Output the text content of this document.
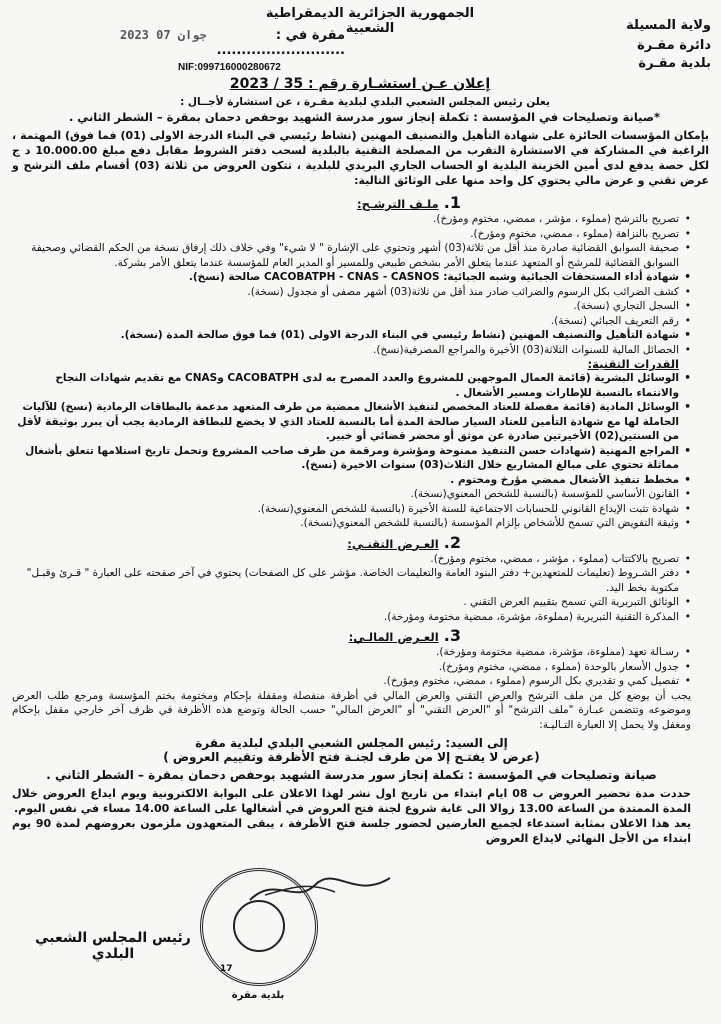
الجمهورية الجزائرية الديمقراطية الشعبية
2023 جوان 07	مقرة في : ..........................
ولاية المسيلة
دائرة مقـرة
بلدية مقـرة
NIF:099716000280672
إعلان عـن استشـارة رقم : 35 / 2023
يعلن رئيس المجلس الشعبي البلدي لبلدية مقـرة ، عن استشارة لأجــال :
*صيانة وتصليحات في المؤسسة : تكملة إنجاز سور مدرسة الشهيد بوحفص دحمان بمقرة – الشطر الثاني .
بإمكان المؤسسات الحائزة على شهادة التأهيل والتصنيف المهنين (نشاط رئيسي في البناء الدرجة الاولى (01) فما فوق) المهتمة ، الراغبة في المشاركة في الاستشارة التقرب من المصلحة التقنية بالبلدية لسحب دفتر الشروط مقابل دفع مبلغ 10.000.00 د ج لكل حصة يدفع لدى أمين الخزينة البلدية او الحساب الجاري البريدي للبلدية ، تتكون العروض من ثلاثة (03) أقسام ملف الترشح و عرض تقني و عرض مالي يحتوي كل واحد منها على الوثائق التالية:
1. ملـف الترشـح:
• تصريح بالترشح (مملوء ، مؤشر ، ممضي، مختوم ومؤرخ).
• تصريح بالنزاهة (مملوء ، ممضي، مختوم ومؤرخ).
• صحيفة السوابق القضائية صادرة منذ أقل من ثلاثة(03) أشهر وتحتوي على الإشارة " لا شيء" وفي خلاف ذلك إرفاق نسخة من الحكم القضائي وصحيفة السوابق القضائية للمرشح أو المتعهد عندما يتعلق الأمر بشخص طبيعي وللمسير أو المدير العام للمؤسسة عندما يتعلق الأمر بشركة.
• شهادة أداء المستحقات الجبائية وشبه الجبائية: CACOBATPH - CNAS - CASNOS صالحة (نسخ).
• كشف الضرائب بكل الرسوم والضرائب صادر منذ أقل من ثلاثة(03) أشهر مصفى أو مجدول (نسخة).
• السجل التجاري (نسخة).
• رقم التعريف الجبائي (نسخة).
• شهادة التأهيل والتصنيف المهنين (نشاط رئيسي في البناء الدرجة الاولى (01) فما فوق صالحة المدة (نسخة).
• الحصائل المالية للسنوات الثلاثة(03) الأخيرة والمراجع المصرفية(نسخ).
القدرات التقنية:
• الوسائل البشرية (قائمة العمال الموجهين للمشروع والعدد المصرح به لدى CACOBATPH وCNAS مع تقديم شهادات النجاح والانتماء بالنسبة للإطارات ومسير الأشغال .
• الوسائل المادية (قائمة مفصلة للعتاد المخصص لتنفيذ الأشغال ممضية من طرف المتعهد مدعمة بالبطاقات الرمادية (نسخ) للآليات الحاملة لها مع شهادة التأمين للعتاد السيار صالحة المدة أما بالنسبة للعتاد الذي لا يخضع للبطاقة الرمادية يجب أن يبرر بوثيقة لأقل من السنتين(02) الأخيرتين صادرة عن موثق أو محضر قضائي أو خبير.
• المراجع المهنية (شهادات حسن التنفيذ ممنوحة ومؤشرة ومرقمة من طرف صاحب المشروع وتحمل تاريخ استلامها تتعلق بأشغال مماثلة تحتوي على مبالغ المشاريع خلال الثلاث(03) سنوات الاخيرة (نسخ).
• مخطط تنفيذ الأشغال ممضي مؤرخ ومختوم .
• القانون الأساسي للمؤسسة (بالنسبة للشخص المعنوي(نسخة).
• شهادة تثبت الإيداع القانوني للحسابات الاجتماعية للسنة الأخيرة (بالنسبة للشخص المعنوي(نسخة).
• وثيقة التفويض التي تسمح للأشخاص بإلزام المؤسسة (بالنسبة للشخص المعنوي(نسخة).
2. العـرض التقنـي:
• تصريح بالاكتتاب (مملوء ، مؤشر ، ممضي، مختوم ومؤرخ).
• دفتر الشـروط (تعليمات للمتعهدين+ دفتر البنود العامة والتعليمات الخاصة. مؤشر على كل الصفحات) يحتوي في آخر صفحته على العبارة " قـرئ وقبـل" مكتوبة بخط اليد.
• الوثائق التبريرية التي تسمح بتقييم العرض التقني .
• المذكرة التقنية التبريرية (مملوءة، مؤشرة، ممضية مختومة ومؤرخة).
3. العـرض المالـي:
• رسـالة تعهد (مملوءة، مؤشرة، ممضية مختومة ومؤرخة).
• جدول الأسعار بالوحدة (مملوء ، ممضي، مختوم ومؤرخ).
• تفصيل كمي و تقديري بكل الرسوم (مملوء ، ممضي، مختوم ومؤرخ).
يجب أن يوضع كل من ملف الترشح والعرض التقني والعرض المالي في أظرفة منفصلة ومقفلة بإحكام ومختومة بختم المؤسسة ومرجع طلب العرض وموضوعه وتتضمن عبـارة "ملف الترشح" أو "العرض التقني" أو "العرض المالي" حسب الحالة وتوضع هذه الأظرفة في ظرف آخر خارجي مقفل بإحكام ومغفل ولا يحمل إلا العبارة التـاليـة:
إلى السيد: رئيس المجلس الشعبي البلدي لبلدية مقرة
(عرض لا يفتـح إلا من طرف لجنـة فتح الأظرفة وتقييم العروض )
صيانة وتصليحات في المؤسسة : تكملة إنجاز سور مدرسة الشهيد بوحفص دحمان بمقرة – الشطر الثاني .
حددت مدة تحضير العروض ب 08 ايام ابتداء من تاريخ اول نشر لهذا الاعلان على البوابة الالكترونية ويوم ايداع العروض خلال المدة الممتدة من الساعة 13.00 زوالا الى غاية شروع لجنة فتح العروض في أشغالها على الساعة 14.00 مساء في نفس اليوم.
يعد هذا الاعلان بمثابة استدعاء لجميع العارضين لحضور جلسة فتح الأظرفة ، يبقى المتعهدون ملزمون بعروضهم لمدة 90 يوم ابتداء من الأجل النهائي لايداع العروض
17
بلدية مقرة
رئيس المجلس الشعبي البلدي
